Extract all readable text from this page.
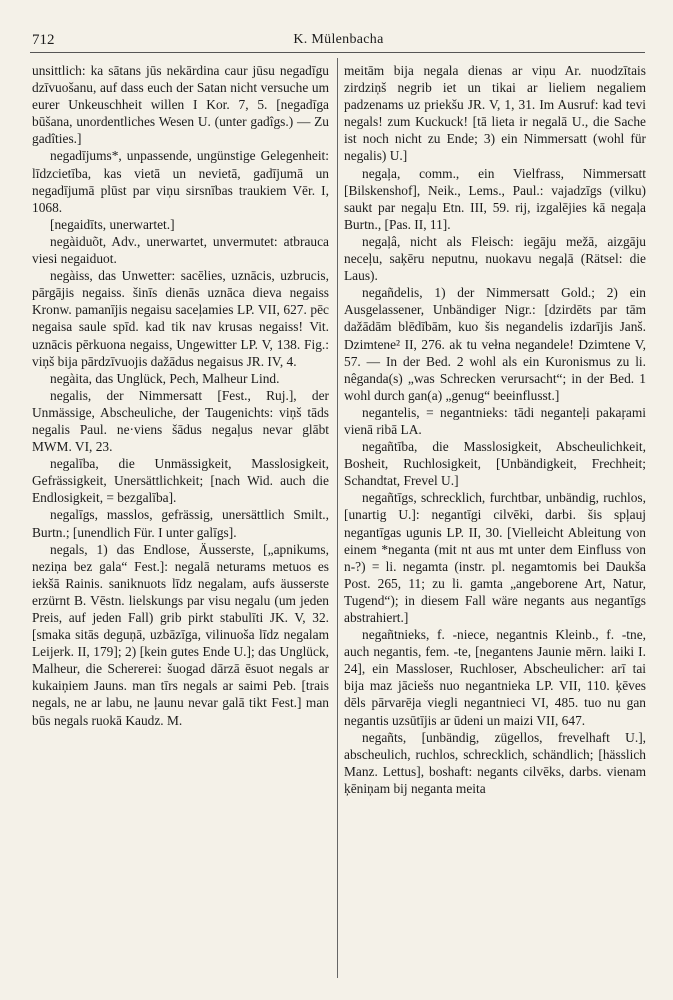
712	K. Mülenbacha

unsittlich: ka sātans jūs nekārdina caur jūsu negadīgu dzīvuošanu, auf dass euch der Satan nicht versuche um eurer Unkeuschheit willen I Kor. 7, 5. [negadīga būšana, unordentliches Wesen U. (unter gadîgs.) — Zu gadîties.]

negadījums*, unpassende, ungünstige Gelegenheit: līdzcietība, kas vietā un nevietā, gadījumā un negadījumā plūst par viņu sirsnības traukiem Vēr. I, 1068.

[negaidīts, unerwartet.]

negàiduõt, Adv., unerwartet, unvermutet: atbrauca viesi negaiduot.

negàiss, das Unwetter: sacēlies, uznācis, uzbrucis, pārgājis negaiss. šinīs dienās uznāca dieva negaiss Kronw. pamanījis negaisu saceļamies LP. VII, 627. pēc negaisa saule spīd. kad tik nav krusas negaiss! Vit. uznācis pērkuona negaiss, Ungewitter LP. V, 138. Fig.: viņš bija pārdzīvuojis dažādus negaisus JR. IV, 4.

negàita, das Unglück, Pech, Malheur Lind.

negalis, der Nimmersatt [Fest., Ruj.], der Unmässige, Abscheuliche, der Taugenichts: viņš tāds negalis Paul. ne·viens šādus negaļus nevar glābt MWM. VI, 23.

negalība, die Unmässigkeit, Masslosigkeit, Gefrässigkeit, Unersättlichkeit; [nach Wid. auch die Endlosigkeit, = bezgalība].

negalīgs, masslos, gefrässig, unersättlich Smilt., Burtn.; [unendlich Für. I unter galīgs].

negals, 1) das Endlose, Äusserste, [„apnikums, neziņa bez gala“ Fest.]: negalā neturams metuos es iekšā Rainis. saniknuots līdz negalam, aufs äusserste erzürnt B. Vēstn. lielskungs par visu negalu (um jeden Preis, auf jeden Fall) grib pirkt stabulīti JK. V, 32. [smaka sitās deguņā, uzbāzīga, vilinuoša līdz negalam Leijerk. II, 179]; 2) [kein gutes Ende U.]; das Unglück, Malheur, die Schererei: šuogad dārzā ēsuot negals ar kukaiņiem Jauns. man tīrs negals ar saimi Peb. [trais negals, ne ar labu, ne ļaunu nevar galā tikt Fest.] man būs negals ruokā Kaudz. M.

meitām bija negala dienas ar viņu Ar. nuodzītais zirdziņš negrib iet un tikai ar lieliem negaliem padzenams uz priekšu JR. V, 1, 31. Im Ausruf: kad tevi negals! zum Kuckuck! [tā lieta ir negalā U., die Sache ist noch nicht zu Ende; 3) ein Nimmersatt (wohl für negalis) U.]

negaļa, comm., ein Vielfrass, Nimmersatt [Bilskenshof], Neik., Lems., Paul.: vajadzīgs (vilku) saukt par negaļu Etn. III, 59. rij, izgalējies kā negaļa Burtn., [Pas. II, 11].

negaļâ, nicht als Fleisch: iegāju mežā, aizgāju neceļu, saķēru neputnu, nuokavu negaļā (Rätsel: die Laus).

negañdelis, 1) der Nimmersatt Gold.; 2) ein Ausgelassener, Unbändiger Nigr.: [dzirdēts par tām dažādām blēdībām, kuo šis negandelis izdarījis Janš. Dzimtene² II, 276. ak tu vełna negandele! Dzimtene V, 57. — In der Bed. 2 wohl als ein Kuronismus zu li. nêganda(s) „was Schrecken verursacht“; in der Bed. 1 wohl durch gan(a) „genug“ beeinflusst.]

negantelis, = negantnieks: tādi neganteļi pakaŗami vienā ribā LA.

negañtība, die Masslosigkeit, Abscheulichkeit, Bosheit, Ruchlosigkeit, [Unbändigkeit, Frechheit; Schandtat, Frevel U.]

negañtīgs, schrecklich, furchtbar, unbändig, ruchlos, [unartig U.]: negantīgi cilvēki, darbi. šis spļauj negantīgas ugunis LP. II, 30. [Vielleicht Ableitung von einem *neganta (mit nt aus mt unter dem Einfluss von n-?) = li. negamta (instr. pl. negamtomis bei Daukša Post. 265, 11; zu li. gamta „angeborene Art, Natur, Tugend“); in diesem Fall wäre negants aus negantīgs abstrahiert.]

negañtnieks, f. -niece, negantnis Kleinb., f. -tne, auch negantis, fem. -te, [negantens Jaunie mērn. laiki I. 24], ein Massloser, Ruchloser, Abscheulicher: arī tai bija maz jāciešs nuo negantnieka LP. VII, 110. ķēves dēls pārvarēja viegli negantnieci VI, 485. tuo nu gan negantis uzsūtījis ar ūdeni un maizi VII, 647.

negañts, [unbändig, zügellos, frevelhaft U.], abscheulich, ruchlos, schrecklich, schändlich; [hässlich Manz. Lettus], boshaft: negants cilvēks, darbs. vienam ķēniņam bij negantа meita
